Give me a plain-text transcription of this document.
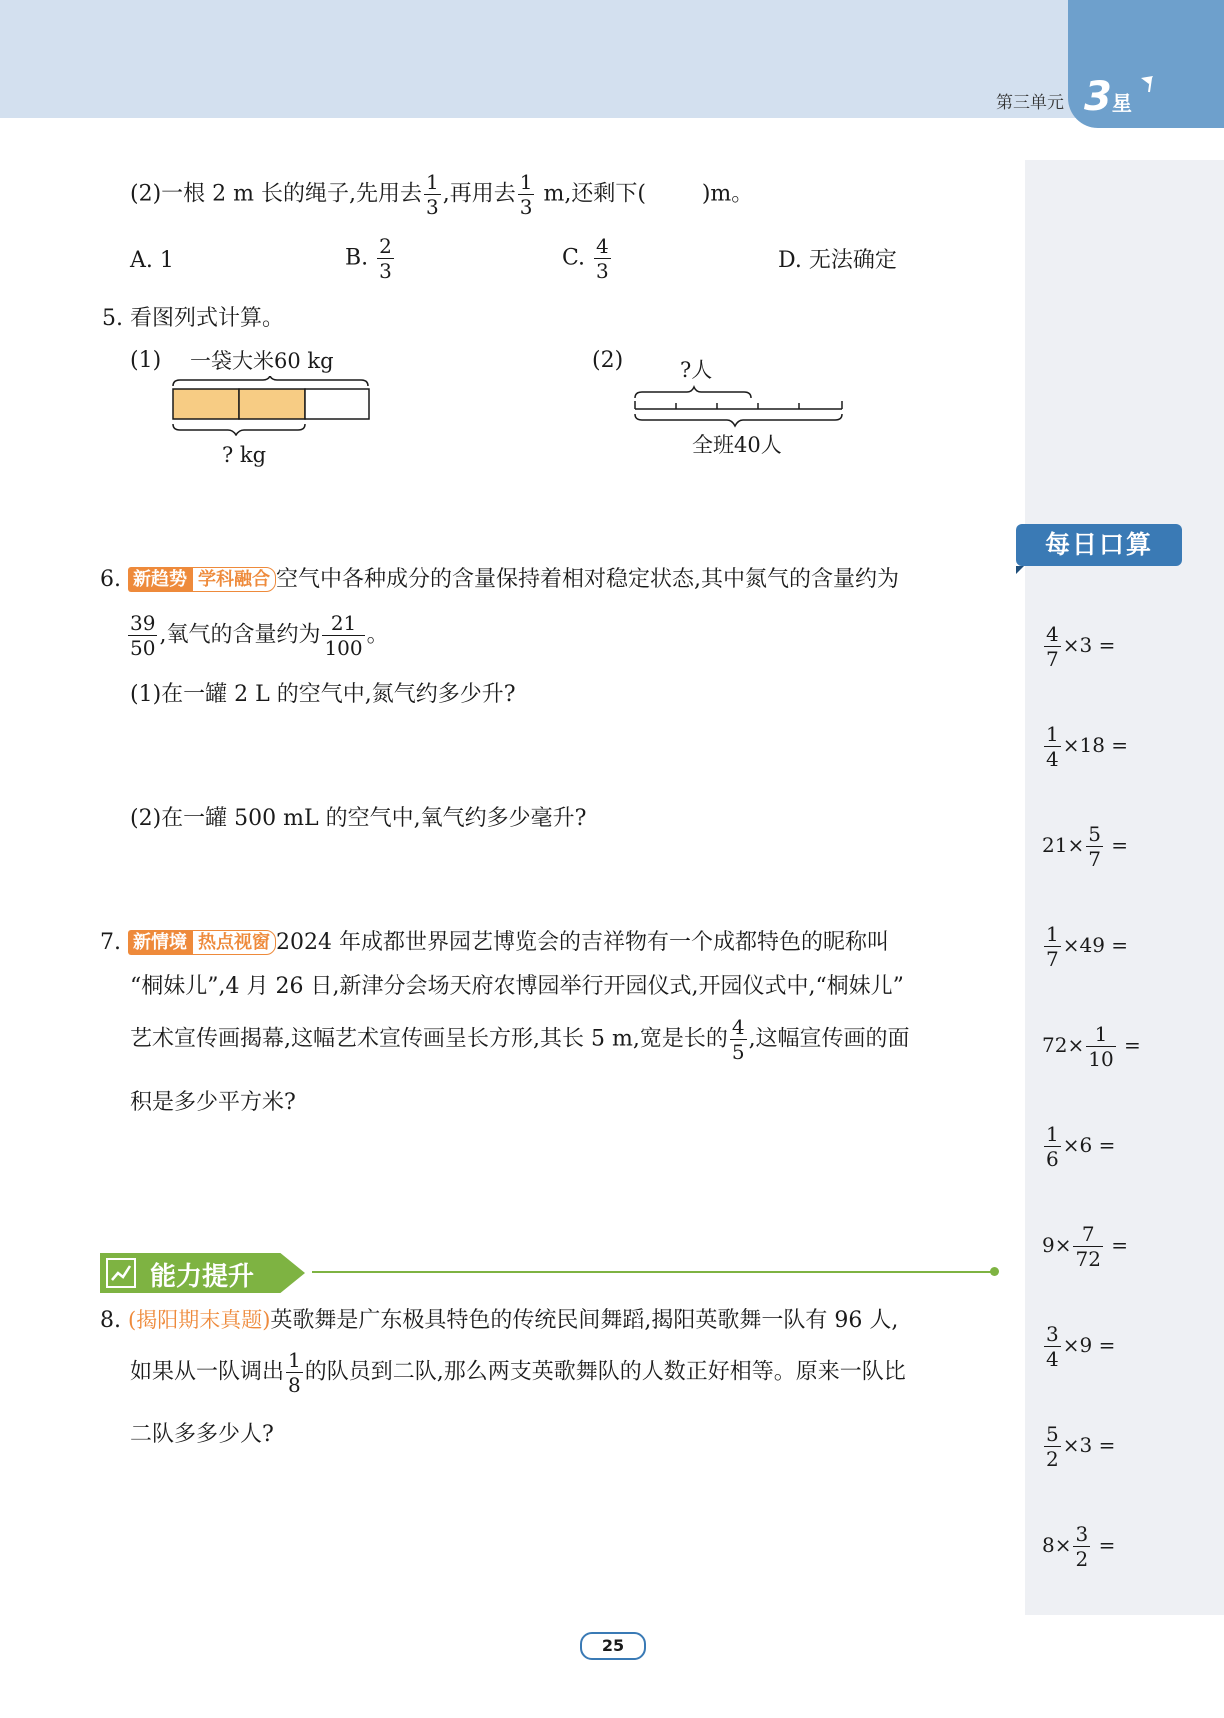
第三单元 3星
每日口算
$\frac{4}{7} \times 3$ =
$\frac{1}{4} \times 18$ =
$21\times \frac{5}{7}$ =
$\frac{1}{7} \times 49$ =
$72\times \frac{1}{10}$ =
$\frac{1}{6} \times 6$ =
$9\times \frac{7}{72}$ =
$\frac{3}{4} \times 9$ =
$\frac{5}{2} \times 3$ =
$8\times \frac{3}{2}$ =
(2)一根 2 m 长的绳子,先用去 $\frac{1}{3}$ ,再用去 $\frac{1}{3} m$,还剩下(        )m。
A. 1	B. $\frac{2}{3}$	C. $\frac{4}{3}$	D. 无法确定
5. 看图列式计算。
(1) 一袋大米60 kg
? kg
(2)	?人
全班40人
6. 新趋势 学科融合 空气中各种成分的含量保持着相对稳定状态,其中氮气的含量约为
$\frac{39}{50}$ ,氧气的含量约为 $\frac{21}{100}$ 。
(1)在一罐 2 L 的空气中,氮气约多少升?
(2)在一罐 500 mL 的空气中,氧气约多少毫升?
7. 新情境 热点视窗 2024 年成都世界园艺博览会的吉祥物有一个成都特色的昵称叫
“桐妹儿”,4 月 26 日,新津分会场天府农博园举行开园仪式,开园仪式中,“桐妹儿”
艺术宣传画揭幕,这幅艺术宣传画呈长方形,其长 5 m,宽是长的 $\frac{4}{5}$ ,这幅宣传画的面
积是多少平方米?
能力提升
8. (揭阳期末真题)英歌舞是广东极具特色的传统民间舞蹈,揭阳英歌舞一队有 96 人,
如果从一队调出 $\frac{1}{8}$ 的队员到二队,那么两支英歌舞队的人数正好相等。原来一队比
二队多多少人?
25
